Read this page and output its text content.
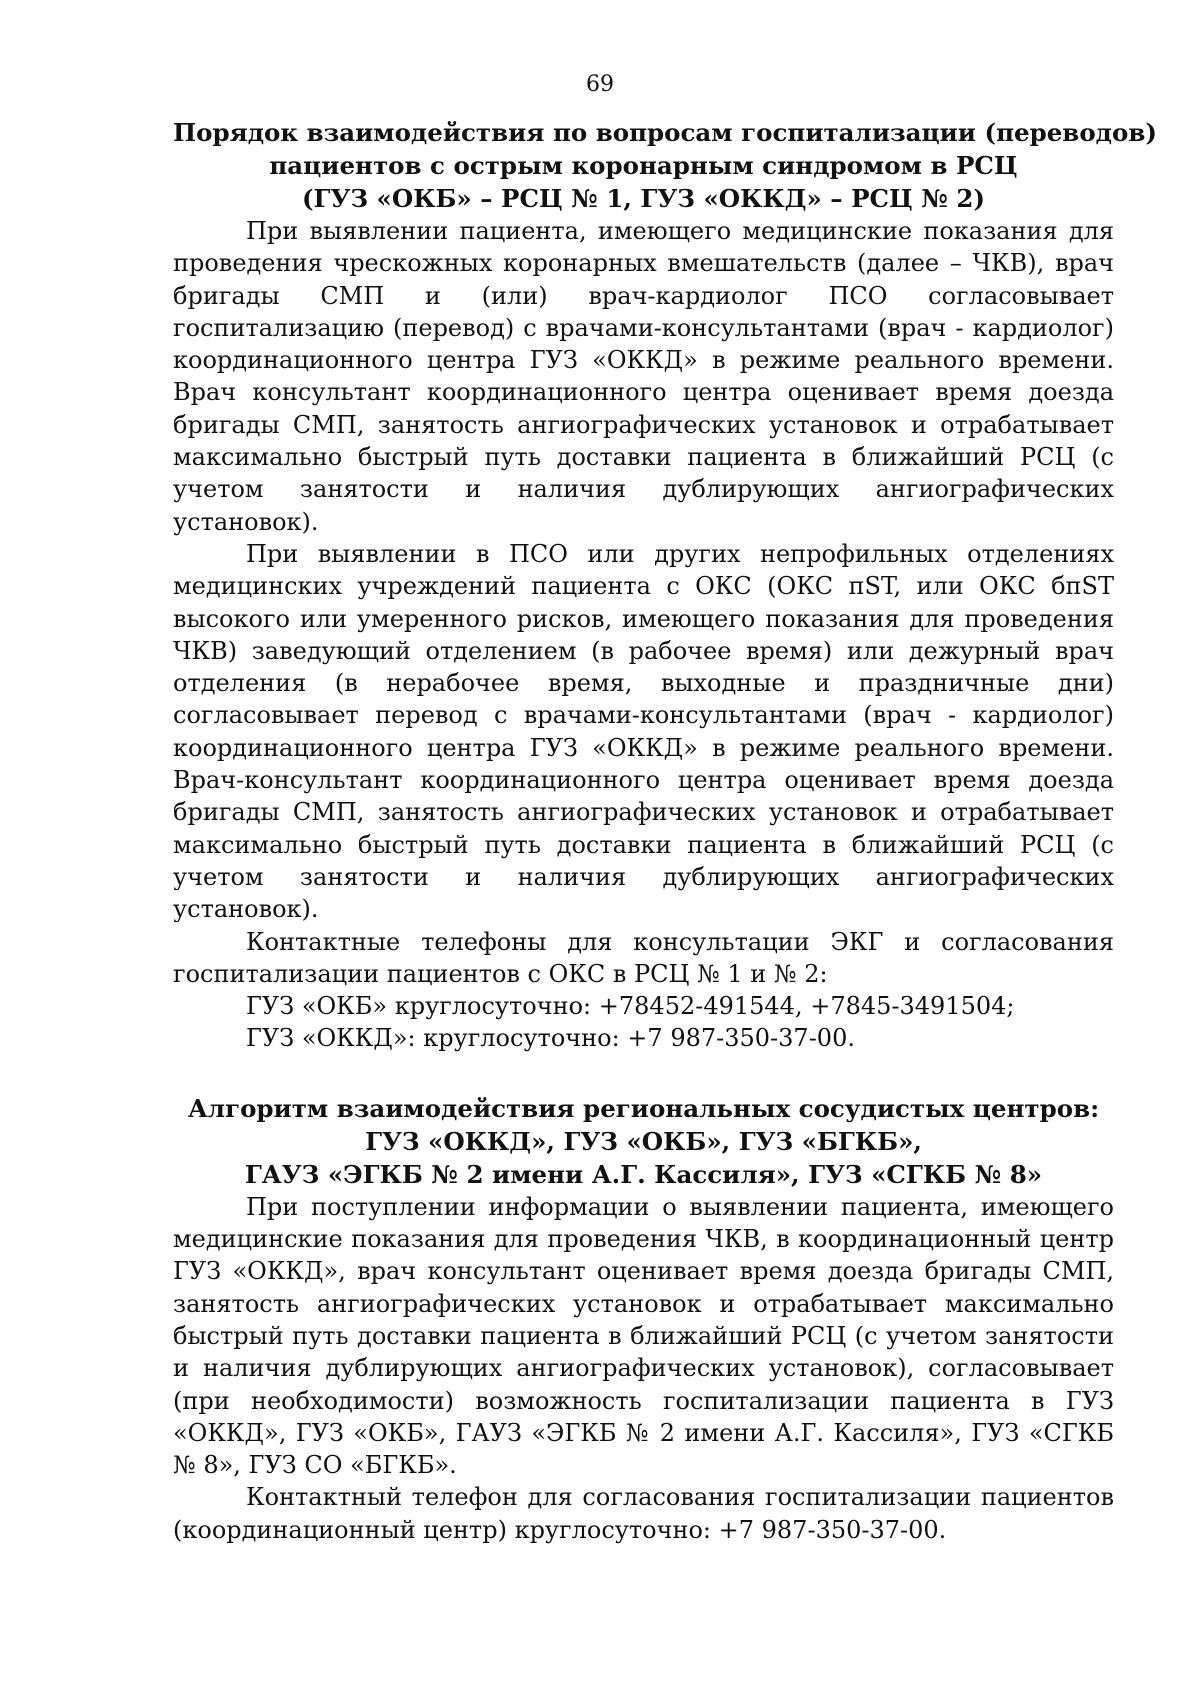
69
Порядок взаимодействия по вопросам госпитализации (переводов)
пациентов с острым коронарным синдромом в РСЦ
(ГУЗ «ОКБ» – РСЦ № 1, ГУЗ «ОККД» – РСЦ № 2)

При выявлении пациента, имеющего медицинские показания для проведения чрескожных коронарных вмешательств (далее – ЧКВ), врач бригады СМП и (или) врач-кардиолог ПСО согласовывает госпитализацию (перевод) с врачами-консультантами (врач - кардиолог) координационного центра ГУЗ «ОККД» в режиме реального времени. Врач консультант координационного центра оценивает время доезда бригады СМП, занятость ангиографических установок и отрабатывает максимально быстрый путь доставки пациента в ближайший РСЦ (с учетом занятости и наличия дублирующих ангиографических установок).

При выявлении в ПСО или других непрофильных отделениях медицинских учреждений пациента с ОКС (ОКС пST, или ОКС бпST высокого или умеренного рисков, имеющего показания для проведения ЧКВ) заведующий отделением (в рабочее время) или дежурный врач отделения (в нерабочее время, выходные и праздничные дни) согласовывает перевод с врачами-консультантами (врач - кардиолог) координационного центра ГУЗ «ОККД» в режиме реального времени. Врач-консультант координационного центра оценивает время доезда бригады СМП, занятость ангиографических установок и отрабатывает максимально быстрый путь доставки пациента в ближайший РСЦ (с учетом занятости и наличия дублирующих ангиографических установок).

Контактные телефоны для консультации ЭКГ и согласования госпитализации пациентов с ОКС в РСЦ № 1 и № 2:

ГУЗ «ОКБ» круглосуточно: +78452-491544, +7845-3491504;

ГУЗ «ОККД»: круглосуточно: +7 987-350-37-00.

Алгоритм взаимодействия региональных сосудистых центров:
ГУЗ «ОККД», ГУЗ «ОКБ», ГУЗ «БГКБ»,
ГАУЗ «ЭГКБ № 2 имени А.Г. Кассиля», ГУЗ «СГКБ № 8»

При поступлении информации о выявлении пациента, имеющего медицинские показания для проведения ЧКВ, в координационный центр ГУЗ «ОККД», врач консультант оценивает время доезда бригады СМП, занятость ангиографических установок и отрабатывает максимально быстрый путь доставки пациента в ближайший РСЦ (с учетом занятости и наличия дублирующих ангиографических установок), согласовывает (при необходимости) возможность госпитализации пациента в ГУЗ «ОККД», ГУЗ «ОКБ», ГАУЗ «ЭГКБ № 2 имени А.Г. Кассиля», ГУЗ «СГКБ № 8», ГУЗ СО «БГКБ».

Контактный телефон для согласования госпитализации пациентов (координационный центр) круглосуточно: +7 987-350-37-00.
